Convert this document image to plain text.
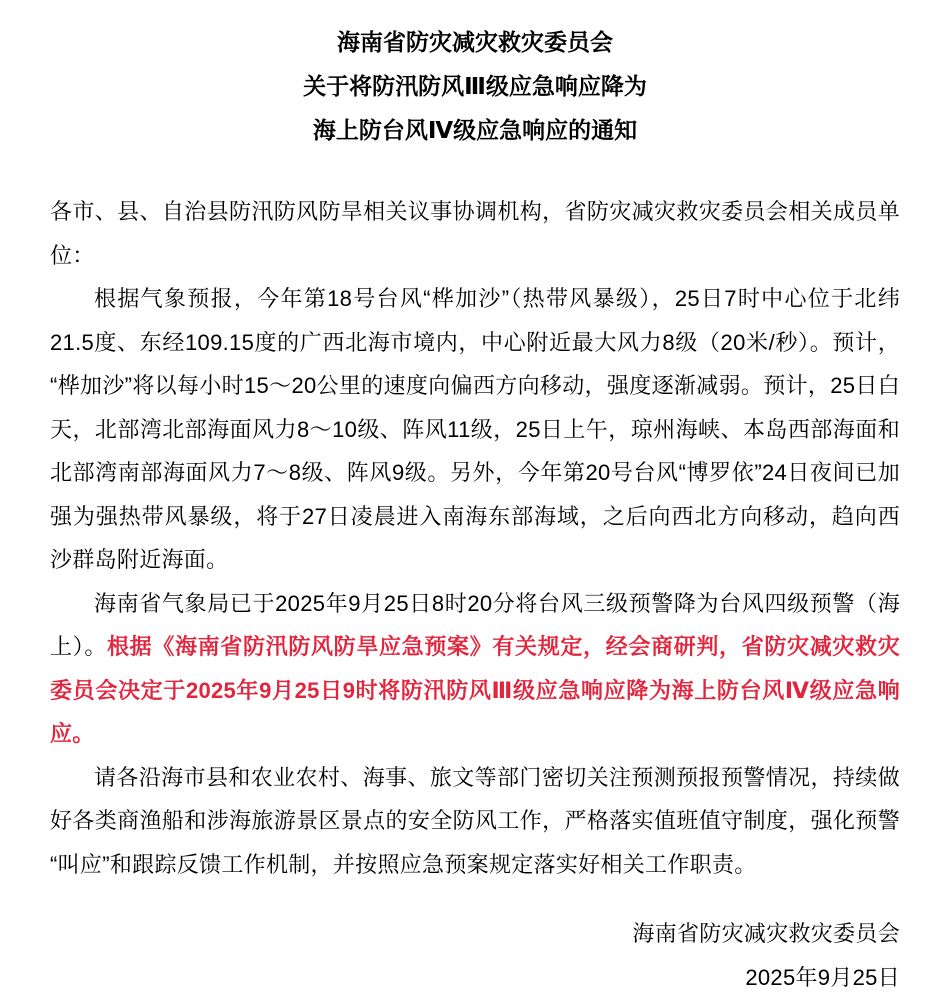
海南省防灾减灾救灾委员会
关于将防汛防风Ⅲ级应急响应降为
海上防台风Ⅳ级应急响应的通知

各市、县、自治县防汛防风防旱相关议事协调机构，省防灾减灾救灾委员会相关成员单位：

根据气象预报，今年第18号台风“桦加沙”（热带风暴级），25日7时中心位于北纬21.5度、东经109.15度的广西北海市境内，中心附近最大风力8级（20米/秒）。预计，“桦加沙”将以每小时15～20公里的速度向偏西方向移动，强度逐渐减弱。预计，25日白天，北部湾北部海面风力8～10级、阵风11级，25日上午，琼州海峡、本岛西部海面和北部湾南部海面风力7～8级、阵风9级。另外，今年第20号台风“博罗依”24日夜间已加强为强热带风暴级，将于27日凌晨进入南海东部海域，之后向西北方向移动，趋向西沙群岛附近海面。

海南省气象局已于2025年9月25日8时20分将台风三级预警降为台风四级预警（海上）。根据《海南省防汛防风防旱应急预案》有关规定，经会商研判，省防灾减灾救灾委员会决定于2025年9月25日9时将防汛防风Ⅲ级应急响应降为海上防台风Ⅳ级应急响应。

请各沿海市县和农业农村、海事、旅文等部门密切关注预测预报预警情况，持续做好各类商渔船和涉海旅游景区景点的安全防风工作，严格落实值班值守制度，强化预警“叫应”和跟踪反馈工作机制，并按照应急预案规定落实好相关工作职责。

海南省防灾减灾救灾委员会
2025年9月25日
